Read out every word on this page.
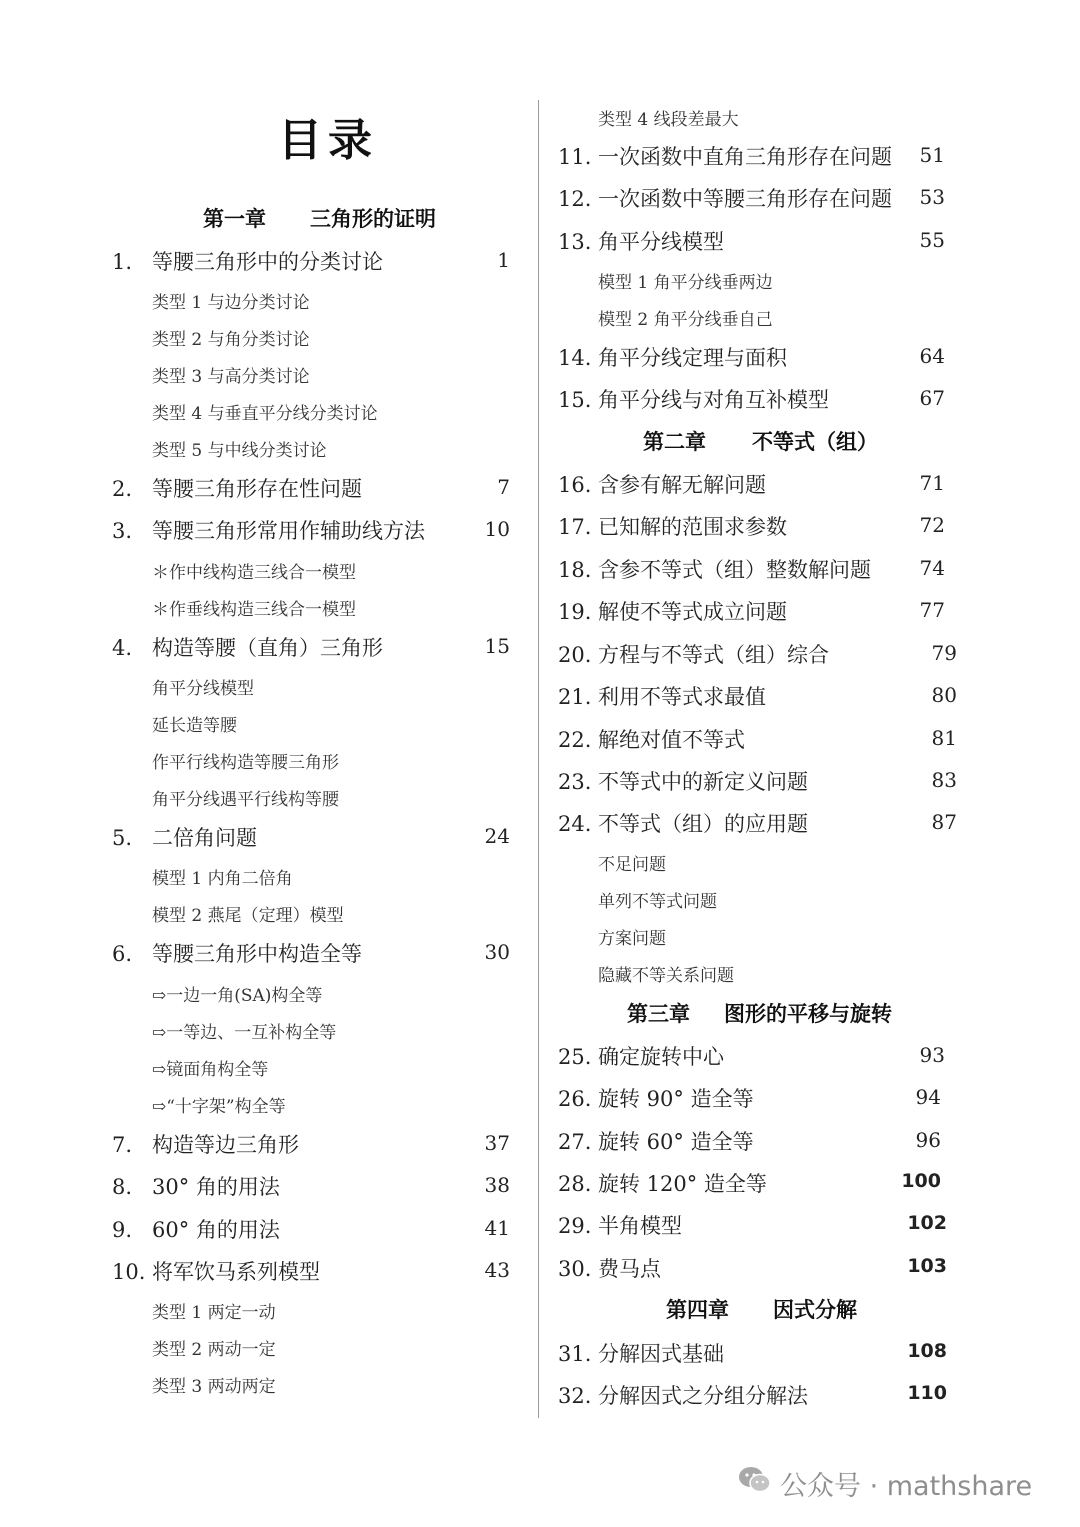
目录
第一章 三角形的证明
第二章 不等式（组）
第三章 图形的平移与旋转
第四章 因式分解
1. 等腰三角形中的分类讨论	1
2. 等腰三角形存在性问题	7
3. 等腰三角形常用作辅助线方法	10
4. 构造等腰（直角）三角形	15
5. 二倍角问题	24
6. 等腰三角形中构造全等	30
7. 构造等边三角形	37
8. 30° 角的用法	38
9. 60° 角的用法	41
10. 将军饮马系列模型	43
类型 1 与边分类讨论
类型 2 与角分类讨论
类型 3 与高分类讨论
类型 4 与垂直平分线分类讨论
类型 5 与中线分类讨论
＊作中线构造三线合一模型
＊作垂线构造三线合一模型
角平分线模型
延长造等腰
作平行线构造等腰三角形
角平分线遇平行线构等腰
模型 1 内角二倍角
模型 2 燕尾（定理）模型
⇨一边一角(SA)构全等
⇨一等边、一互补构全等
⇨镜面角构全等
⇨“十字架”构全等
类型 1 两定一动
类型 2 两动一定
类型 3 两动两定
类型 4 线段差最大
11. 一次函数中直角三角形存在问题 51
12. 一次函数中等腰三角形存在问题 53
13. 角平分线模型	55
模型 1 角平分线垂两边
模型 2 角平分线垂自己
14. 角平分线定理与面积	64
15. 角平分线与对角互补模型	67
16. 含参有解无解问题	71
17. 已知解的范围求参数	72
18. 含参不等式（组）整数解问题 74
19. 解使不等式成立问题	77
20. 方程与不等式（组）综合	79
21. 利用不等式求最值	80
22. 解绝对值不等式	81
23. 不等式中的新定义问题	83
24. 不等式（组）的应用题	87
不足问题
单列不等式问题
方案问题
隐藏不等关系问题
25. 确定旋转中心	93
26. 旋转 90° 造全等	94
27. 旋转 60° 造全等	96
28. 旋转 120° 造全等	100
29. 半角模型	102
30. 费马点	103
31. 分解因式基础	108
32. 分解因式之分组分解法	110
公众号 · mathshare
